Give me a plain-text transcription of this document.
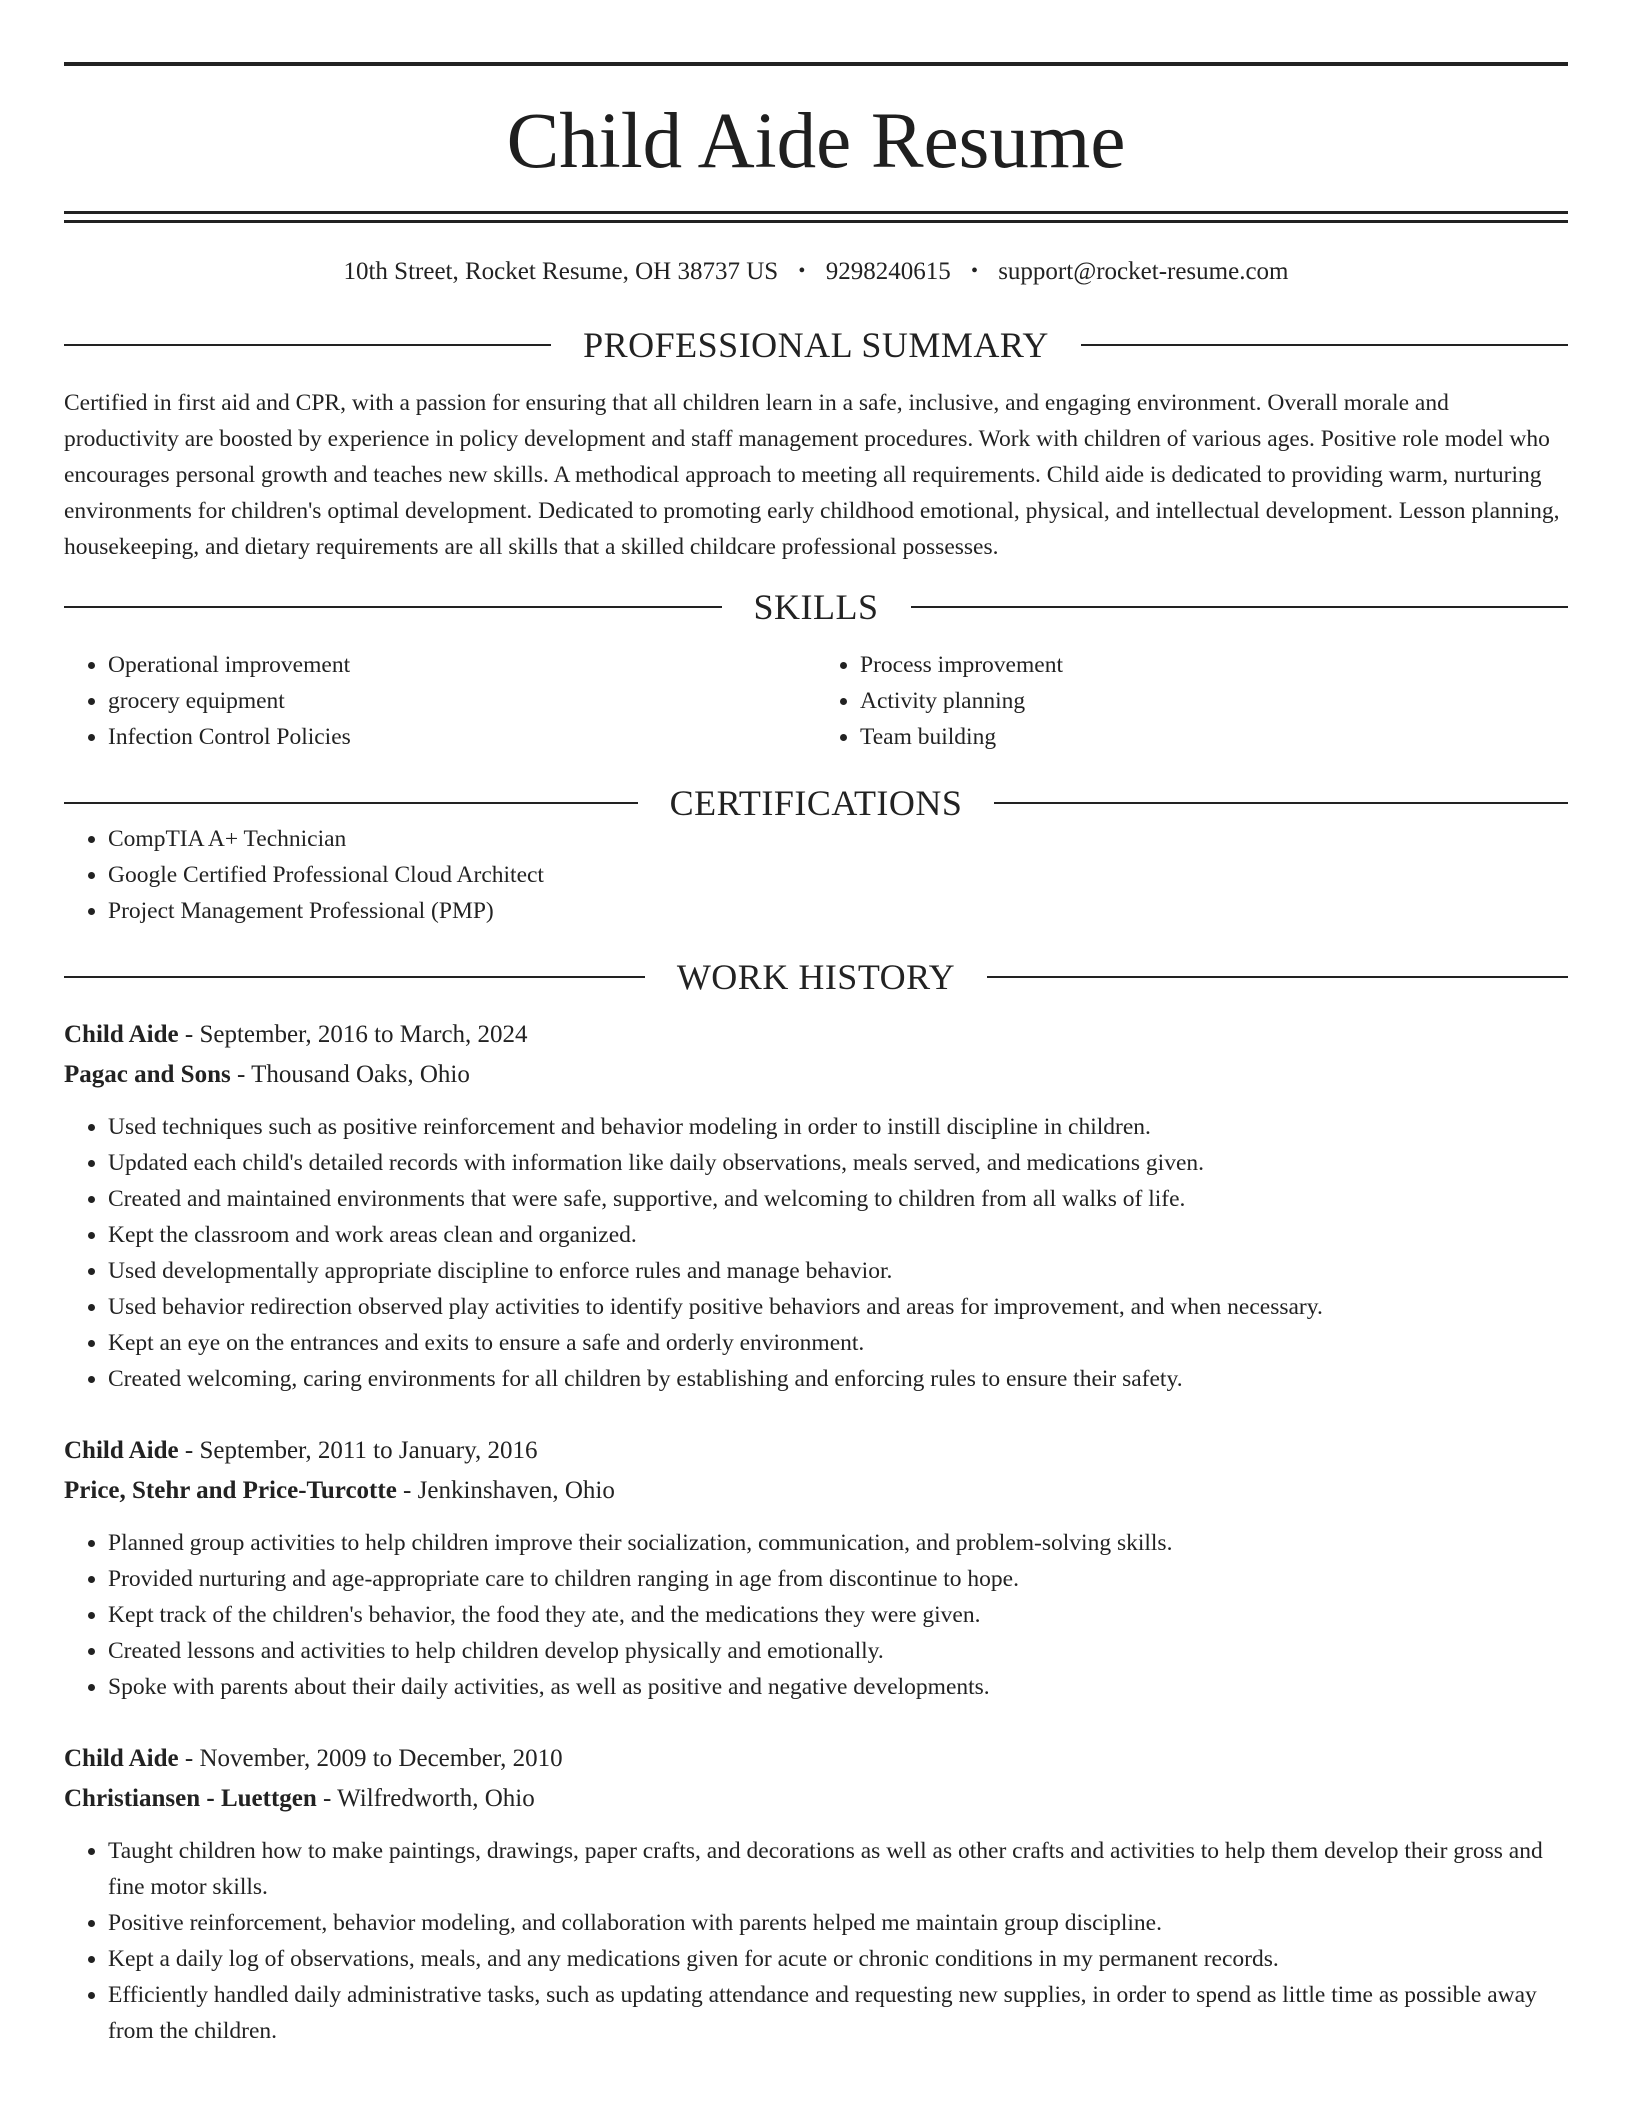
Child Aide Resume
10th Street, Rocket Resume, OH 38737 US • 9298240615 • support@rocket-resume.com
PROFESSIONAL SUMMARY

Certified in first aid and CPR, with a passion for ensuring that all children learn in a safe, inclusive, and engaging environment. Overall morale and productivity are boosted by experience in policy development and staff management procedures. Work with children of various ages. Positive role model who encourages personal growth and teaches new skills. A methodical approach to meeting all requirements. Child aide is dedicated to providing warm, nurturing environments for children's optimal development. Dedicated to promoting early childhood emotional, physical, and intellectual development. Lesson planning, housekeeping, and dietary requirements are all skills that a skilled childcare professional possesses.

SKILLS
• Operational improvement
• grocery equipment
• Infection Control Policies
• Process improvement
• Activity planning
• Team building
CERTIFICATIONS
• CompTIA A+ Technician
• Google Certified Professional Cloud Architect
• Project Management Professional (PMP)
WORK HISTORY
Child Aide - September, 2016 to March, 2024
Pagac and Sons - Thousand Oaks, Ohio
• Used techniques such as positive reinforcement and behavior modeling in order to instill discipline in children.
• Updated each child's detailed records with information like daily observations, meals served, and medications given.
• Created and maintained environments that were safe, supportive, and welcoming to children from all walks of life.
• Kept the classroom and work areas clean and organized.
• Used developmentally appropriate discipline to enforce rules and manage behavior.
• Used behavior redirection observed play activities to identify positive behaviors and areas for improvement, and when necessary.
• Kept an eye on the entrances and exits to ensure a safe and orderly environment.
• Created welcoming, caring environments for all children by establishing and enforcing rules to ensure their safety.
Child Aide - September, 2011 to January, 2016
Price, Stehr and Price-Turcotte - Jenkinshaven, Ohio
• Planned group activities to help children improve their socialization, communication, and problem-solving skills.
• Provided nurturing and age-appropriate care to children ranging in age from discontinue to hope.
• Kept track of the children's behavior, the food they ate, and the medications they were given.
• Created lessons and activities to help children develop physically and emotionally.
• Spoke with parents about their daily activities, as well as positive and negative developments.
Child Aide - November, 2009 to December, 2010
Christiansen - Luettgen - Wilfredworth, Ohio
• Taught children how to make paintings, drawings, paper crafts, and decorations as well as other crafts and activities to help them develop their gross and fine motor skills.
• Positive reinforcement, behavior modeling, and collaboration with parents helped me maintain group discipline.
• Kept a daily log of observations, meals, and any medications given for acute or chronic conditions in my permanent records.
• Efficiently handled daily administrative tasks, such as updating attendance and requesting new supplies, in order to spend as little time as possible away from the children.
